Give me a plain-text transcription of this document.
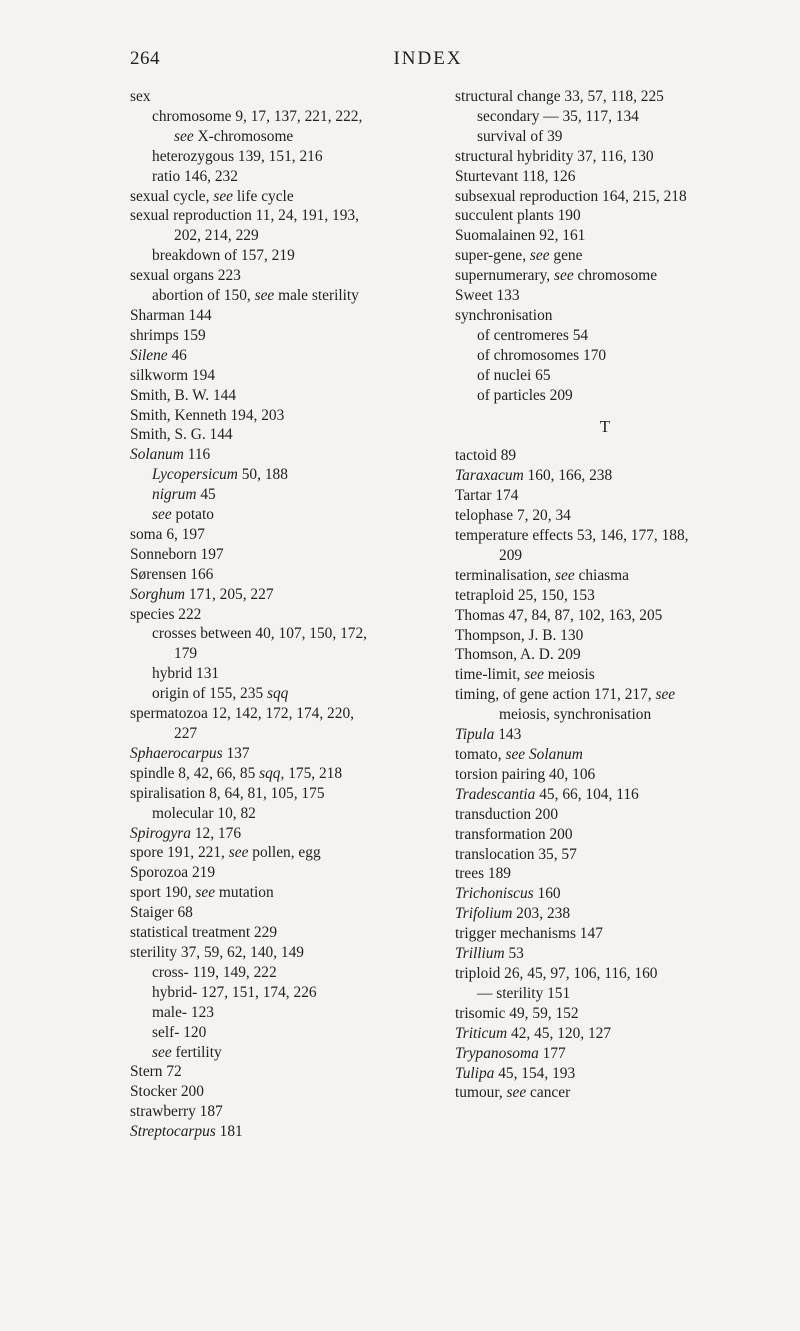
264	INDEX
sex
chromosome 9, 17, 137, 221, 222,
see X-chromosome
heterozygous 139, 151, 216
ratio 146, 232
sexual cycle, see life cycle
sexual reproduction 11, 24, 191, 193,
202, 214, 229
breakdown of 157, 219
sexual organs 223
abortion of 150, see male sterility
Sharman 144
shrimps 159
Silene 46
silkworm 194
Smith, B. W. 144
Smith, Kenneth 194, 203
Smith, S. G. 144
Solanum 116
Lycopersicum 50, 188
nigrum 45
see potato
soma 6, 197
Sonneborn 197
Sørensen 166
Sorghum 171, 205, 227
species 222
crosses between 40, 107, 150, 172,
179
hybrid 131
origin of 155, 235 sqq
spermatozoa 12, 142, 172, 174, 220,
227
Sphaerocarpus 137
spindle 8, 42, 66, 85 sqq, 175, 218
spiralisation 8, 64, 81, 105, 175
molecular 10, 82
Spirogyra 12, 176
spore 191, 221, see pollen, egg
Sporozoa 219
sport 190, see mutation
Staiger 68
statistical treatment 229
sterility 37, 59, 62, 140, 149
cross- 119, 149, 222
hybrid- 127, 151, 174, 226
male- 123
self- 120
see fertility
Stern 72
Stocker 200
strawberry 187
Streptocarpus 181
structural change 33, 57, 118, 225
secondary — 35, 117, 134
survival of 39
structural hybridity 37, 116, 130
Sturtevant 118, 126
subsexual reproduction 164, 215, 218
succulent plants 190
Suomalainen 92, 161
super-gene, see gene
supernumerary, see chromosome
Sweet 133
synchronisation
of centromeres 54
of chromosomes 170
of nuclei 65
of particles 209
T
tactoid 89
Taraxacum 160, 166, 238
Tartar 174
telophase 7, 20, 34
temperature effects 53, 146, 177, 188,
209
terminalisation, see chiasma
tetraploid 25, 150, 153
Thomas 47, 84, 87, 102, 163, 205
Thompson, J. B. 130
Thomson, A. D. 209
time-limit, see meiosis
timing, of gene action 171, 217, see
meiosis, synchronisation
Tipula 143
tomato, see Solanum
torsion pairing 40, 106
Tradescantia 45, 66, 104, 116
transduction 200
transformation 200
translocation 35, 57
trees 189
Trichoniscus 160
Trifolium 203, 238
trigger mechanisms 147
Trillium 53
triploid 26, 45, 97, 106, 116, 160
— sterility 151
trisomic 49, 59, 152
Triticum 42, 45, 120, 127
Trypanosoma 177
Tulipa 45, 154, 193
tumour, see cancer
